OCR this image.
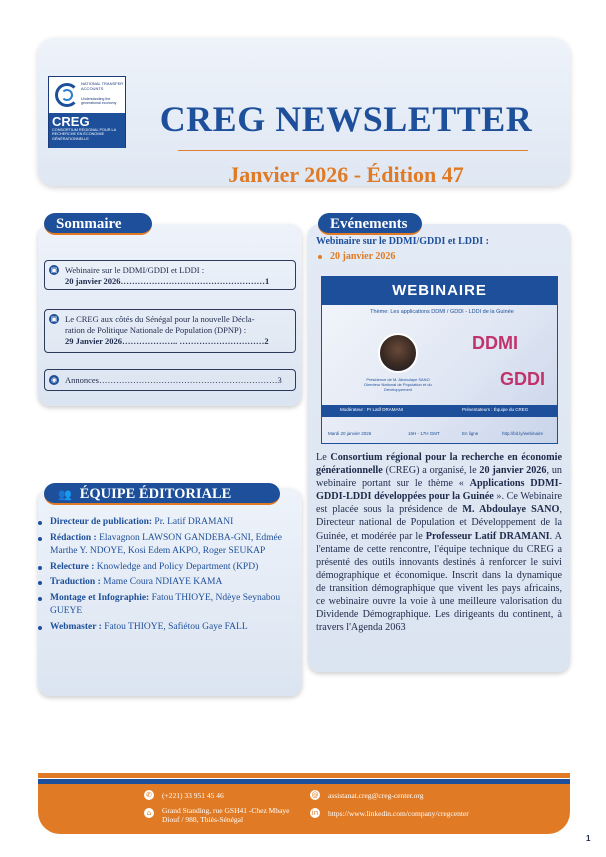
NATIONAL TRANSFER ACCOUNTS
Understanding the generational economy
CREG
CONSORTIUM RÉGIONAL POUR LA RECHERCHE EN ÉCONOMIE GÉNÉRATIONNELLE	CREG NEWSLETTER
Janvier 2026 - Édition 47
Sommaire
▣ Webinaire sur le DDMI/GDDI et LDDI :
20 janvier 2026……………………………………………1
▣ Le CREG aux côtés du Sénégal pour la nouvelle Décla-
ration de Politique Nationale de Population (DPNP) :
29 Janvier 2026……………….. …………………………2
◉ Annonces………………………………………………………3
👥 ÉQUIPE ÉDITORIALE
Directeur de publication: Pr. Latif DRAMANI
Rédaction : Elavagnon LAWSON GANDEBA-GNI, Edmée Marthe Y. NDOYE, Kosi Edem AKPO, Roger SEUKAP
Relecture : Knowledge and Policy Department (KPD)
Traduction : Mame Coura NDIAYE KAMA
Montage et Infographie: Fatou THIOYE, Ndèye Seynabou GUEYE
Webmaster : Fatou THIOYE, Safiétou Gaye FALL
Evénements
Webinaire sur le DDMI/GDDI et LDDI :
20 janvier 2026
WEBINAIRE
Thème: Les applications DDMI / GDDI - LDDI de la Guinée
Présidence de M. Abdoulaye SANO Directeur National de Population et du Développement
DDMI
GDDI
Modérateur : Pr Latif DRAMANI	Présentateurs : Équipe du CREG
Mardi 20 janvier 2026	16H - 17H GMT	En ligne	http://bit.ly/webinaire
Le Consortium régional pour la recherche en économie générationnelle (CREG) a organisé, le 20 janvier 2026, un webinaire portant sur le thème « Applications DDMI-GDDI-LDDI développées pour la Guinée ». Ce Webinaire est placée sous la présidence de M. Abdoulaye SANO, Directeur national de Population et Développement de la Guinée, et modérée par le Professeur Latif DRAMANI. A l'entame de cette rencontre, l'équipe technique du CREG a présenté des outils innovants destinés à renforcer le suivi démographique et économique. Inscrit dans la dynamique de transition démographique que vivent les pays africains, ce webinaire ouvre la voie à une meilleure valorisation du Dividende Démographique. Les dirigeants du continent, à travers l'Agenda 2063
✆ (+221) 33 951 45 46
⌂	Grand Standing, rue GSH41 -Chez Mbaye Diouf / 988, Thiès-Sénégal
@ assistanat.creg@creg-center.org
in https://www.linkedin.com/company/cregcenter
1
